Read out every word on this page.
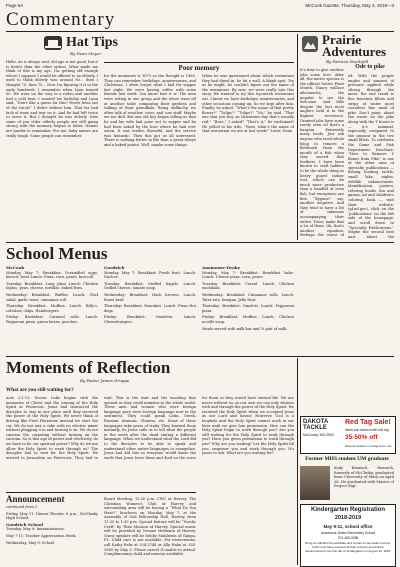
Page 6A	McCook Gazette, Thursday, May 3, 2018—3
Commentary
Hat Tips
By Dean Meyer

Hello, As is always said, old age is not good, but it is better than the other option. What made me think of this is my age. I'm getting old enough where I suppose I would be offered to an elderly. I used to think elderly was around 80... then I thought 70, then 75... Now I'm figuring it is in the early hundreds. I remember when Lynn turned 50. We were on the way to a rodeo and another had a cold beer. I wanted his birthday and Lynn said, “Don't like a guess for this? Never been out of the truck!” I didn't believe him. That his bad luck of wear and tear on it. And he had left twice to serve it. But I thought he was elderly. Now some of you older elderly people are still going strong with the memory begins to falter. Names are harder to remember. For me, baby names are really tough. Some people can remember.

Poor memory

for the memories is 1075 so the thought is 1965. They can remember birthdays, anniversaries, and Christmas. I often forgot what I had for supper last night. We were having coffee with some friends last week. You know how it is. The men were sitting in one group and the wives were off at another table comparing their gardens and talking of their grandkids. Being unflinchy, we often talk of weather, cows, and cow stuff. Maybe we are dull. But one old boy began telling us that he and his wife had gone out to supper and he had been asked by the host where he had ever eaten. It was tender, flavorful, and the service was fantastic. Then this got us all interested. There is nothing better in life than a great ribeye and a baked potato. Well, maybe some things.

When he was questioned about which restaurant they had dined in, he hit a wall. A blank spot. Try as he might, he couldn't figure out the name of the restaurant. By now, we were really into this story. We wanted to try this top-notch restaurant out. I knew we have birthdays, anniversaries, and other occasions coming up. So we kept after him. Finally, he asked, “What's the name of that pretty flower?” “Tulips?” “Tulips?” “No,” he said. “That one that you buy on Valentines day that's usually red.” “Rose,” I asked? “That's it,” he exclaimed! He yelled to his wife, “Rose, what's the name of that restaurant we ate at last week?” Later, Dean

Prairie
Adventures
By Patricia Stockstill

It's time to give outdoor jobs some love. After all, the native species is the official Native Plant Month, Nancy wallace aficionados, the popular to see the welcome. And falls despite the fact most anglers held it in the highest reverence. Granted jobs have some rarely seen oil that's a bargain. Extremely many hoofs. Just ask anyone who need whole lying to remove a fieldwork from the mouth of a fish when they moved that feathers. I have been known to craft ladders to be the whole thing as heavy guard indoor tool, which can be much more productive than a handful of even fish, but exceptions are fine, “Bygone!” say, another negative. And they tend to have a bit of infamous accompanying their entire. Trees, make that a lot of them. Ok, that's another equation. Perhaps the worst of

Ode to pike

ed. With the proper angles and amount of pressure applied while slicing through the meat, the end result is five boneless fillets and strips of water most countless fine meal of pike. Don't panic about the waste on the pike along with the Y bones is — it's minimal, especially compared to the amount in the two small fillets. To celebrate the Game and Fish Department brochure, “How to Remove Y Bones from Pike” is one of the other area of specialty publications — fishing, boating, tackle, small lake, nights, wildlife enhancement, identification, posters, coloring books, fun and games, ad and children's coloring book — visit their website, (gf.nd.gov), click on the ‘publications’ on the left side of the homepage, and scroll down to “Specialty Publications.” Maybe the second best part about the

School Menus
McCook

Monday, May 7: Breakfast: Scrambled eggs, biscuit, bowl Lunch: Pizza, corn, pears, broccoli.

Tuesday: Breakfast: Long johns Lunch: Chicken fajitas, peas, cheese, tortillas, baked fries.

Wednesday: Breakfast: Waffles. Lunch: Chef salad, garlic toast, cinnamon roll.

Thursday: Breakfast: Muffins. Lunch: Billy's, coleslaw, chips, Hamburgers.

Friday: Breakfast: Caramel rolls. Lunch: Pepperoni pizza, green beans, peaches.

Goodrich

Monday, May 7: Breakfast: Fresh fruit. Lunch: Nachos.

Tuesday: Breakfast: Stuffed bagels. Lunch: Grilled cheese, tomato soup.

Wednesday: Breakfast: Hash browns. Lunch: Roast beef.

Thursday: Breakfast: Pancakes. Lunch: Pizza Hot dogs.

Friday: Breakfast: Omelette. Lunch: Cheeseburgers.

Anamoose-Drake

Monday, May 7: Breakfast: Breakfast bake. Lunch: Cheese pizza, corn, pears.

Tuesday: Breakfast: Cereal. Lunch: Chicken enchilada.

Wednesday: Breakfast: Cinnamon rolls. Lunch: Tater tots, lasagna, Jello fruit.

Thursday: Breakfast: Omelets. Lunch: Pepperoni pizza.

Friday: Breakfast: Muffins. Lunch: Chicken noodle soup.

Meals served with milk bar and ½ pint of milk.

Moments of Reflection
By Pastor James Gruppe
What are you still waiting for?

Acts 2:1-13. Doctor Luke begins with the memories of Christ and the coming of the Holy Spirit at Pentecost. Jesus had instructed the disciples to stay in one place until they received the power of the Holy Spirit. We never think of driving like Fred Flintstone instead we start the car. We do not mix a cake with no electric mixer without plugging it in and turning it on. We do not canvass the carpeting without turning on the vacuum. So is this age of power and electricity, do we have to be our spiritual power? Why do we not allow the Holy Spirit to work through us? The disciples had to wait for the Holy Spirit. We arrived in Jerusalem on Pentecost. They had to wait. This is the wait and the teaching that opened us they could minister to the whole world. These men and women who were foreign language gave were foreign language now in the sentiment. They could speak Latin, Greek, Russian, Aramaic, Chinese, etc. Some of these languages take years of study. They learned them instantly. So Jesus calls us to tell what the people in the earth after the dead stating a different language. When we understand what the Lord did to the disciples to be able to speak and understand other native languages to evangelize, Jesus had did this so everyone would know the earth that Jesus loves them and died on the cross for them so they would have eternal life. We are never without us on our own we can only witness with and through the power of the Holy Spirit. We received the Holy Spirit when we accepted Jesus as our Lord and Savior. However, God is a loophole and the Holy Spirit cannot work in our lives until we give him permission. How can the Holy Spirit begin to work through you? Are you still waiting for the Holy Spirit to work through you? Have you given permission to work through you? Why are you waiting? Let the Holy Spirit fill you, empower you and work through you. It's yours to ask. What are you waiting for?

Announcement

continued from 2

Friday, May 11: Dinner Theater, 6 p.m., McClusky High School.

Goodrich School

Tuesday, May 8: Immunizations.

May 7-11: Teacher Appreciation Week.

Wednesday, May 9: School

Board Meeting, 12:30 p.m. CWC at Harvey. The Christian Women's Club of Harvey and surrounding area will be having a “What Do You Hear?” luncheon on Monday, May 7, at the Assembly of God Fellowship Hall, Harvey, from 11:30 to 1:30 p.m. Special feature will be “Nordic Craft” by Thea Monson of Harvey. Special music will be provided by Yvonne Hofmann of Harvey. Guest speaker will be Debby Muhlstein of Tampa, FL. Child care is not available. For reservations, call Kathy Rehr at 324-2748 or Ally Hahn at 324-3965 by May 3. Please cancel if unable to attend. Complimentary child and nursery available.

DAKOTA TACKLE
McClusky 363-2500
Red Tag Sale!
Items are marked with red tag
35-50% off
Discount applies to red tag items only
Former MHS student UM graduate

Kody Kinnisch, Reunsch, formerly of McClusky, graduated from University of Mary on April 28. He graduated with Master of Project Mgt.

Kindergarten Registration
2018-2019
May 9-11, school office
Anamoose-Drake Elementary School
701-465-3258
Bring an official birth certificate and current immunization record. Child must have received all their school immunization requirements by the first day of kindergarten on August 22, 2018.
